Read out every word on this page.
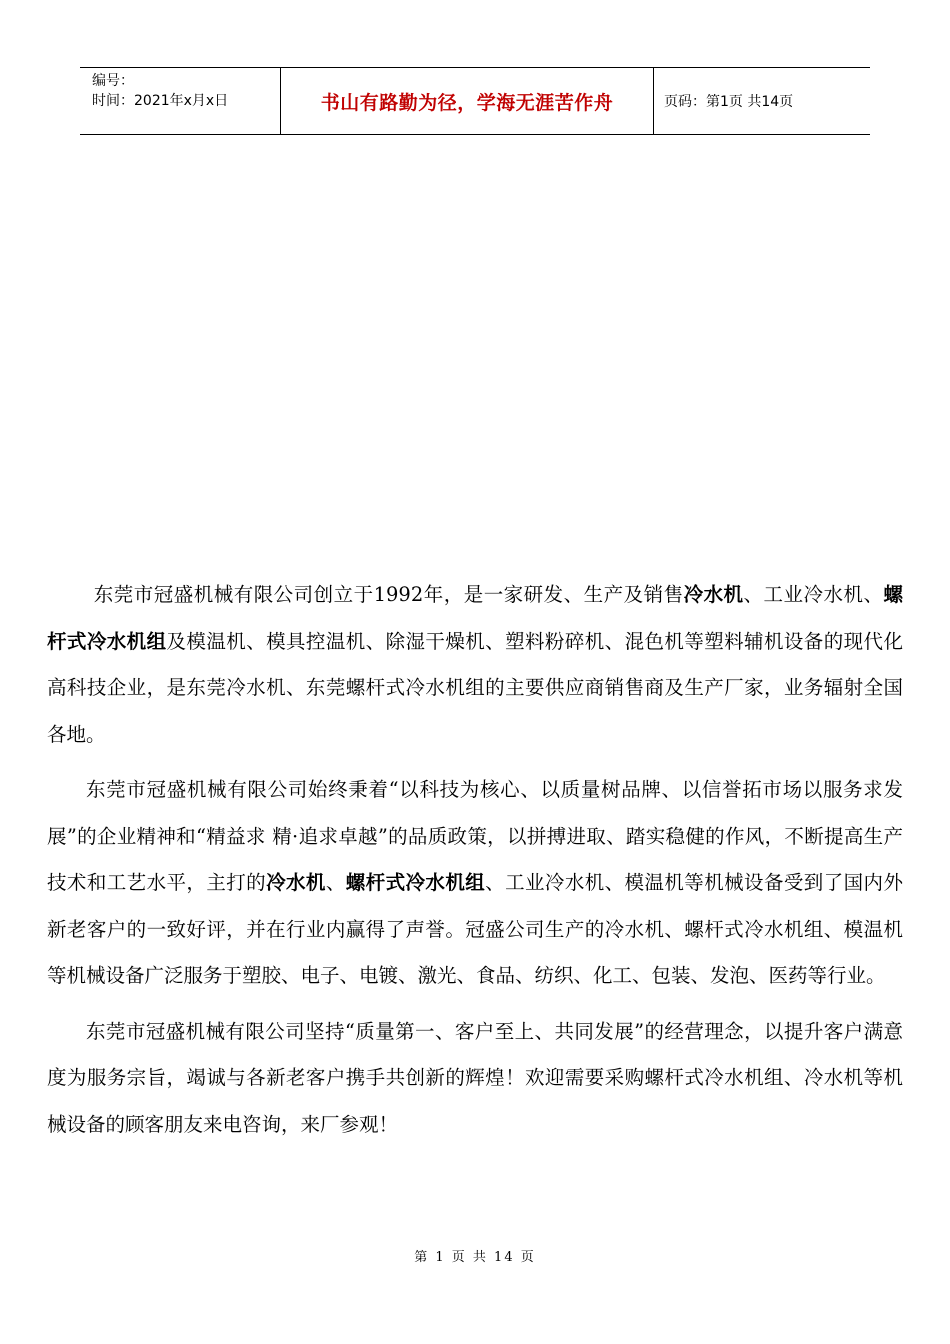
编号：
时间：2021年x月x日	书山有路勤为径，学海无涯苦作舟	页码：第1页 共14页

东莞市冠盛机械有限公司创立于1992年，是一家研发、生产及销售冷水机、工业冷水机、螺杆式冷水机组及模温机、模具控温机、除湿干燥机、塑料粉碎机、混色机等塑料辅机设备的现代化高科技企业，是东莞冷水机、东莞螺杆式冷水机组的主要供应商销售商及生产厂家，业务辐射全国各地。

东莞市冠盛机械有限公司始终秉着“以科技为核心、以质量树品牌、以信誉拓市场以服务求发展”的企业精神和“精益求 精·追求卓越”的品质政策，以拼搏进取、踏实稳健的作风，不断提高生产技术和工艺水平，主打的冷水机、螺杆式冷水机组、工业冷水机、模温机等机械设备受到了国内外新老客户的一致好评，并在行业内赢得了声誉。冠盛公司生产的冷水机、螺杆式冷水机组、模温机等机械设备广泛服务于塑胶、电子、电镀、激光、食品、纺织、化工、包装、发泡、医药等行业。

东莞市冠盛机械有限公司坚持“质量第一、客户至上、共同发展”的经营理念，以提升客户满意度为服务宗旨，竭诚与各新老客户携手共创新的辉煌！欢迎需要采购螺杆式冷水机组、冷水机等机械设备的顾客朋友来电咨询，来厂参观！

第 1 页 共 14 页
